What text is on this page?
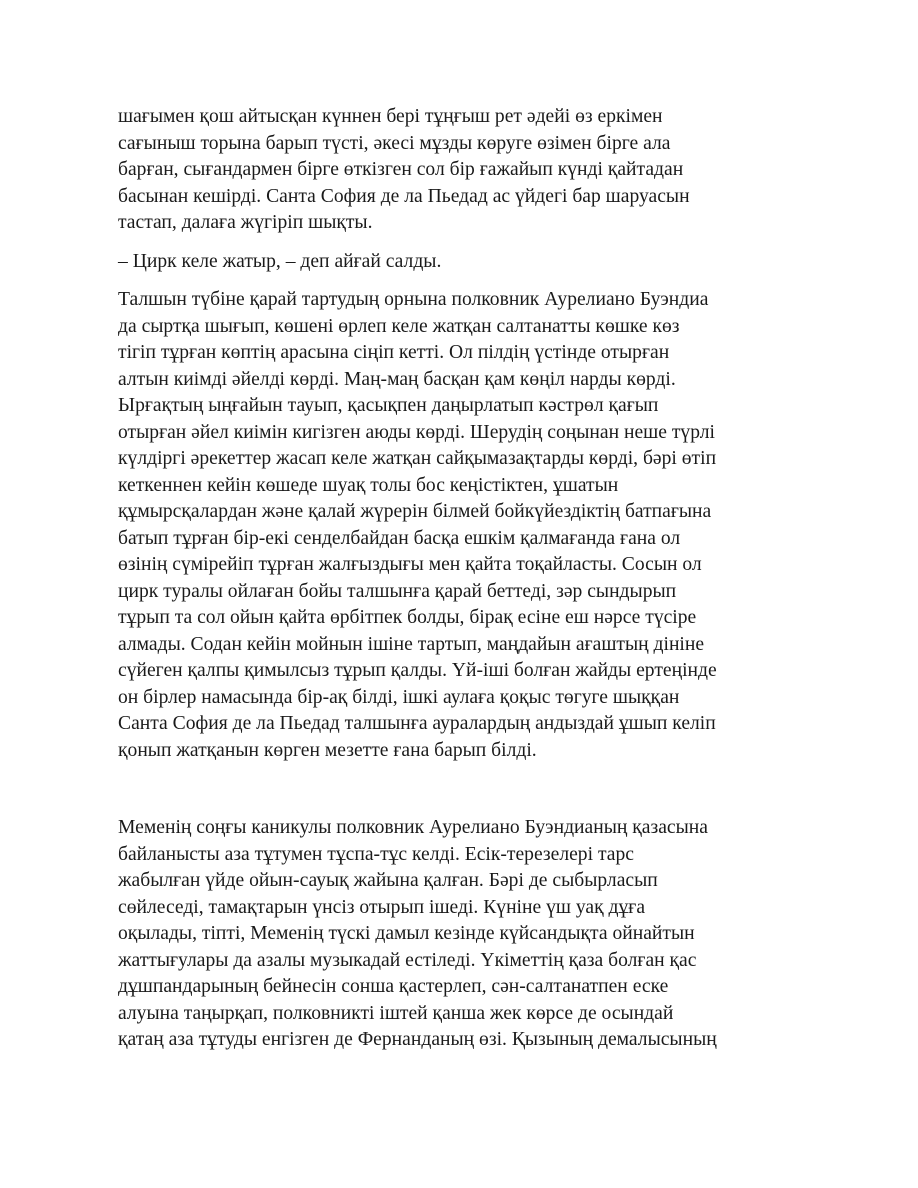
шағымен қош айтысқан күннен бері тұңғыш рет әдейі өз еркімен
сағыныш торына барып түсті, әкесі мұзды көруге өзімен бірге ала
барған, сығандармен бірге өткізген сол бір ғажайып күнді қайтадан
басынан кешірді. Санта София де ла Пьедад ас үйдегі бар шаруасын
тастап, далаға жүгіріп шықты.

– Цирк келе жатыр, – деп айғай салды.

Талшын түбіне қарай тартудың орнына полковник Аурелиано Буэндиа
да сыртқа шығып, көшені өрлеп келе жатқан салтанатты көшке көз
тігіп тұрған көптің арасына сіңіп кетті. Ол пілдің үстінде отырған
алтын киімді әйелді көрді. Маң-маң басқан қам көңіл нарды көрді.
Ырғақтың ыңғайын тауып, қасықпен даңырлатып кәстрөл қағып
отырған әйел киімін кигізген аюды көрді. Шерудің соңынан неше түрлі
күлдіргі әрекеттер жасап келе жатқан сайқымазақтарды көрді, бәрі өтіп
кеткеннен кейін көшеде шуақ толы бос кеңістіктен, ұшатын
құмырсқалардан және қалай жүрерін білмей бойкүйездіктің батпағына
батып тұрған бір-екі сенделбайдан басқа ешкім қалмағанда ғана ол
өзінің сүмірейіп тұрған жалғыздығы мен қайта тоқайласты. Сосын ол
цирк туралы ойлаған бойы талшынға қарай беттеді, зәр сындырып
тұрып та сол ойын қайта өрбітпек болды, бірақ есіне еш нәрсе түсіре
алмады. Содан кейін мойнын ішіне тартып, маңдайын ағаштың дініне
сүйеген қалпы қимылсыз тұрып қалды. Үй-іші болған жайды ертеңінде
он бірлер намасында бір-ақ білді, ішкі аулаға қоқыс төгуге шыққан
Санта София де ла Пьедад талшынға ауралардың андыздай ұшып келіп
қонып жатқанын көрген мезетте ғана барып білді.

Меменің соңғы каникулы полковник Аурелиано Буэндианың қазасына
байланысты аза тұтумен тұспа-тұс келді. Есік-терезелері тарс
жабылған үйде ойын-сауық жайына қалған. Бәрі де сыбырласып
сөйлеседі, тамақтарын үнсіз отырып ішеді. Күніне үш уақ дұға
оқылады, тіпті, Меменің түскі дамыл кезінде күйсандықта ойнайтын
жаттығулары да азалы музыкадай естіледі. Үкіметтің қаза болған қас
дұшпандарының бейнесін сонша қастерлеп, сән-салтанатпен еске
алуына таңырқап, полковникті іштей қанша жек көрсе де осындай
қатаң аза тұтуды енгізген де Фернанданың өзі. Қызының демалысының
